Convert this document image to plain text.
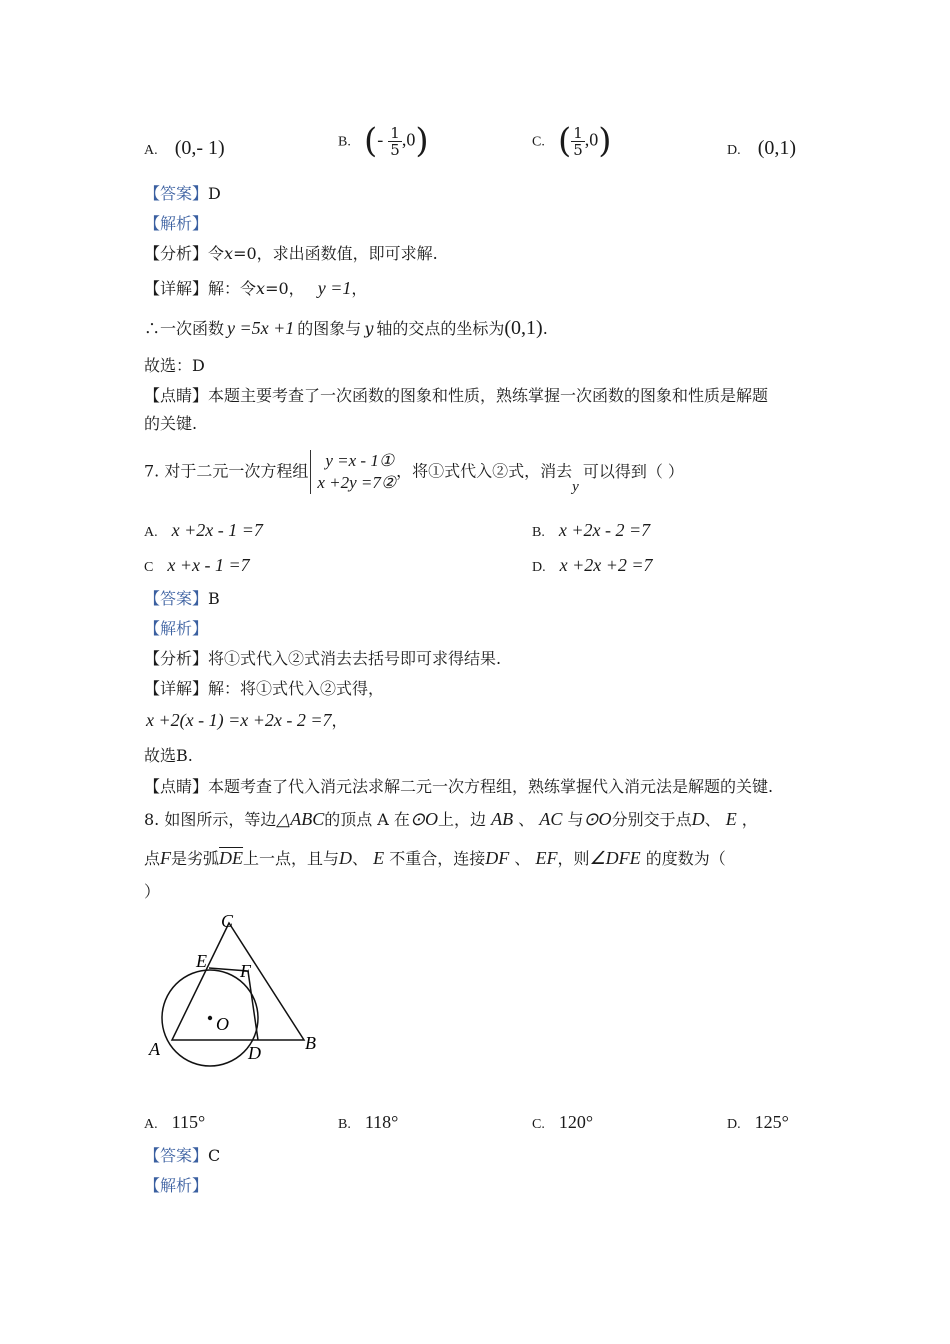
A. (0,- 1)	B. (- $\frac{1}{5} ,0$)	C. ( $\frac{1}{5} ,0$)	D. (0,1)
【答案】D
【解析】
【分析】令x=0，求出函数值，即可求解.
【详解】解：令x=0， y =1，
∴一次函数 y =5x +1 的图象与 y 轴的交点的坐标为(0,1).
故选：D
【点睛】本题主要考查了一次函数的图象和性质，熟练掌握一次函数的图象和性质是解题
的关键.
7. 对于二元一次方程组
y =x - 1①
x +2y =7②
，将①式代入②式，消去y可以得到（ ）
A. x +2x - 1 =7	B. x +2x - 2 =7
C x +x - 1 =7	D. x +2x +2 =7
【答案】B
【解析】
【分析】将①式代入②式消去去括号即可求得结果.
【详解】解：将①式代入②式得，
x +2(x - 1) =x +2x - 2 =7，
故选B.
【点睛】本题考查了代入消元法求解二元一次方程组，熟练掌握代入消元法是解题的关键.
8. 如图所示，等边△ABC的顶点 A 在⊙O上，边 AB 、 AC 与⊙O分别交于点D、 E ，
点F是劣弧$\overline{DE}$上一点，且与D、 E 不重合，连接DF 、 EF，则∠DFE 的度数为（
）
C
E F
O
A	D B
A. 115°	B. 118°	C. 120°	D. 125°
【答案】C
【解析】
